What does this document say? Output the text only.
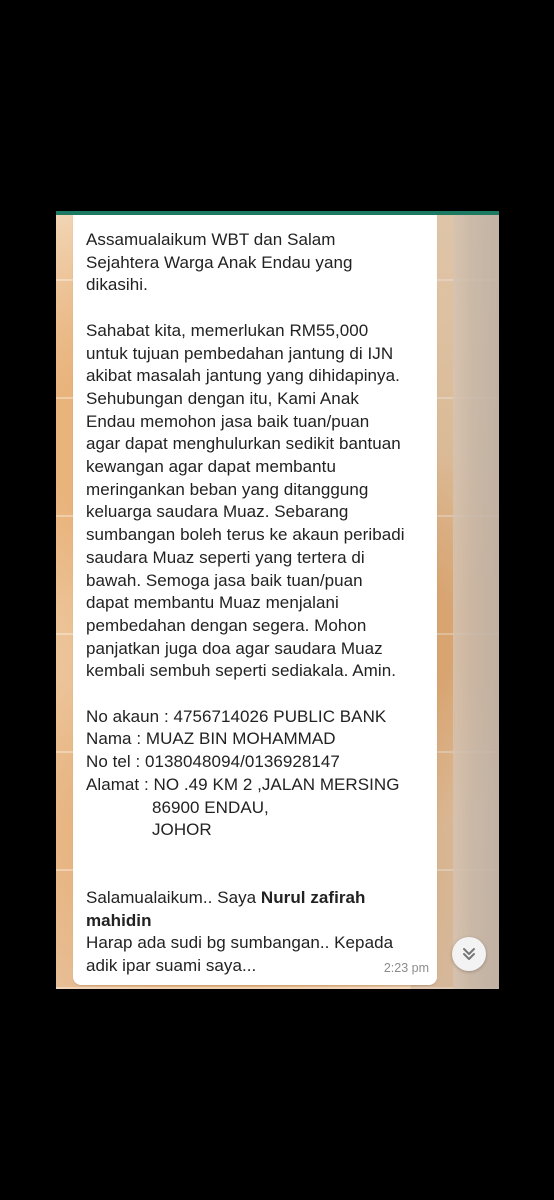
Assamualaikum WBT dan Salam
Sejahtera Warga Anak Endau yang
dikasihi.
Sahabat kita, memerlukan RM55,000
untuk tujuan pembedahan jantung di IJN
akibat masalah jantung yang dihidapinya.
Sehubungan dengan itu, Kami Anak
Endau memohon jasa baik tuan/puan
agar dapat menghulurkan sedikit bantuan
kewangan agar dapat membantu
meringankan beban yang ditanggung
keluarga saudara Muaz. Sebarang
sumbangan boleh terus ke akaun peribadi
saudara Muaz seperti yang tertera di
bawah. Semoga jasa baik tuan/puan
dapat membantu Muaz menjalani
pembedahan dengan segera. Mohon
panjatkan juga doa agar saudara Muaz
kembali sembuh seperti sediakala. Amin.
No akaun : 4756714026 PUBLIC BANK
Nama : MUAZ BIN MOHAMMAD
No tel : 0138048094/0136928147
Alamat : NO .49 KM 2 ,JALAN MERSING
86900 ENDAU,
JOHOR
Salamualaikum.. Saya Nurul zafirah
mahidin
Harap ada sudi bg sumbangan.. Kepada
adik ipar suami saya...	2:23 pm
